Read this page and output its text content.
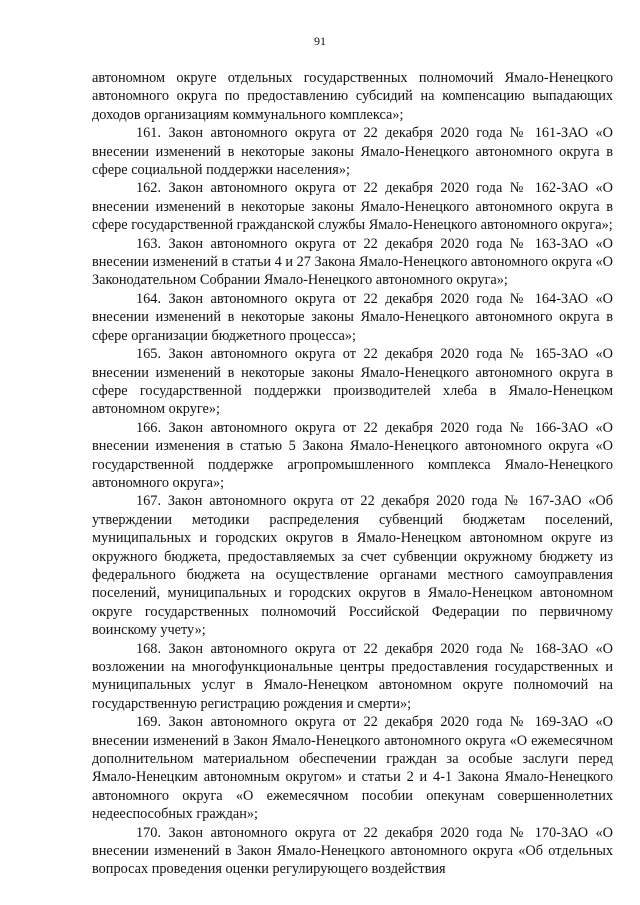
91

автономном округе отдельных государственных полномочий Ямало-Ненецкого автономного округа по предоставлению субсидий на компенсацию выпадающих доходов организациям коммунального комплекса»;

161. Закон автономного округа от 22 декабря 2020 года № 161-ЗАО «О внесении изменений в некоторые законы Ямало-Ненецкого автономного округа в сфере социальной поддержки населения»;

162. Закон автономного округа от 22 декабря 2020 года № 162-ЗАО «О внесении изменений в некоторые законы Ямало-Ненецкого автономного округа в сфере государственной гражданской службы Ямало-Ненецкого автономного округа»;

163. Закон автономного округа от 22 декабря 2020 года № 163-ЗАО «О внесении изменений в статьи 4 и 27 Закона Ямало-Ненецкого автономного округа «О Законодательном Собрании Ямало-Ненецкого автономного округа»;

164. Закон автономного округа от 22 декабря 2020 года № 164-ЗАО «О внесении изменений в некоторые законы Ямало-Ненецкого автономного округа в сфере организации бюджетного процесса»;

165. Закон автономного округа от 22 декабря 2020 года № 165-ЗАО «О внесении изменений в некоторые законы Ямало-Ненецкого автономного округа в сфере государственной поддержки производителей хлеба в Ямало-Ненецком автономном округе»;

166. Закон автономного округа от 22 декабря 2020 года № 166-ЗАО «О внесении изменения в статью 5 Закона Ямало-Ненецкого автономного округа «О государственной поддержке агропромышленного комплекса Ямало-Ненецкого автономного округа»;

167. Закон автономного округа от 22 декабря 2020 года № 167-ЗАО «Об утверждении методики распределения субвенций бюджетам поселений, муниципальных и городских округов в Ямало-Ненецком автономном округе из окружного бюджета, предоставляемых за счет субвенции окружному бюджету из федерального бюджета на осуществление органами местного самоуправления поселений, муниципальных и городских округов в Ямало-Ненецком автономном округе государственных полномочий Российской Федерации по первичному воинскому учету»;

168. Закон автономного округа от 22 декабря 2020 года № 168-ЗАО «О возложении на многофункциональные центры предоставления государственных и муниципальных услуг в Ямало-Ненецком автономном округе полномочий на государственную регистрацию рождения и смерти»;

169. Закон автономного округа от 22 декабря 2020 года № 169-ЗАО «О внесении изменений в Закон Ямало-Ненецкого автономного округа «О ежемесячном дополнительном материальном обеспечении граждан за особые заслуги перед Ямало-Ненецким автономным округом» и статьи 2 и 4-1 Закона Ямало-Ненецкого автономного округа «О ежемесячном пособии опекунам совершеннолетних недееспособных граждан»;

170. Закон автономного округа от 22 декабря 2020 года № 170-ЗАО «О внесении изменений в Закон Ямало-Ненецкого автономного округа «Об отдельных вопросах проведения оценки регулирующего воздействия
